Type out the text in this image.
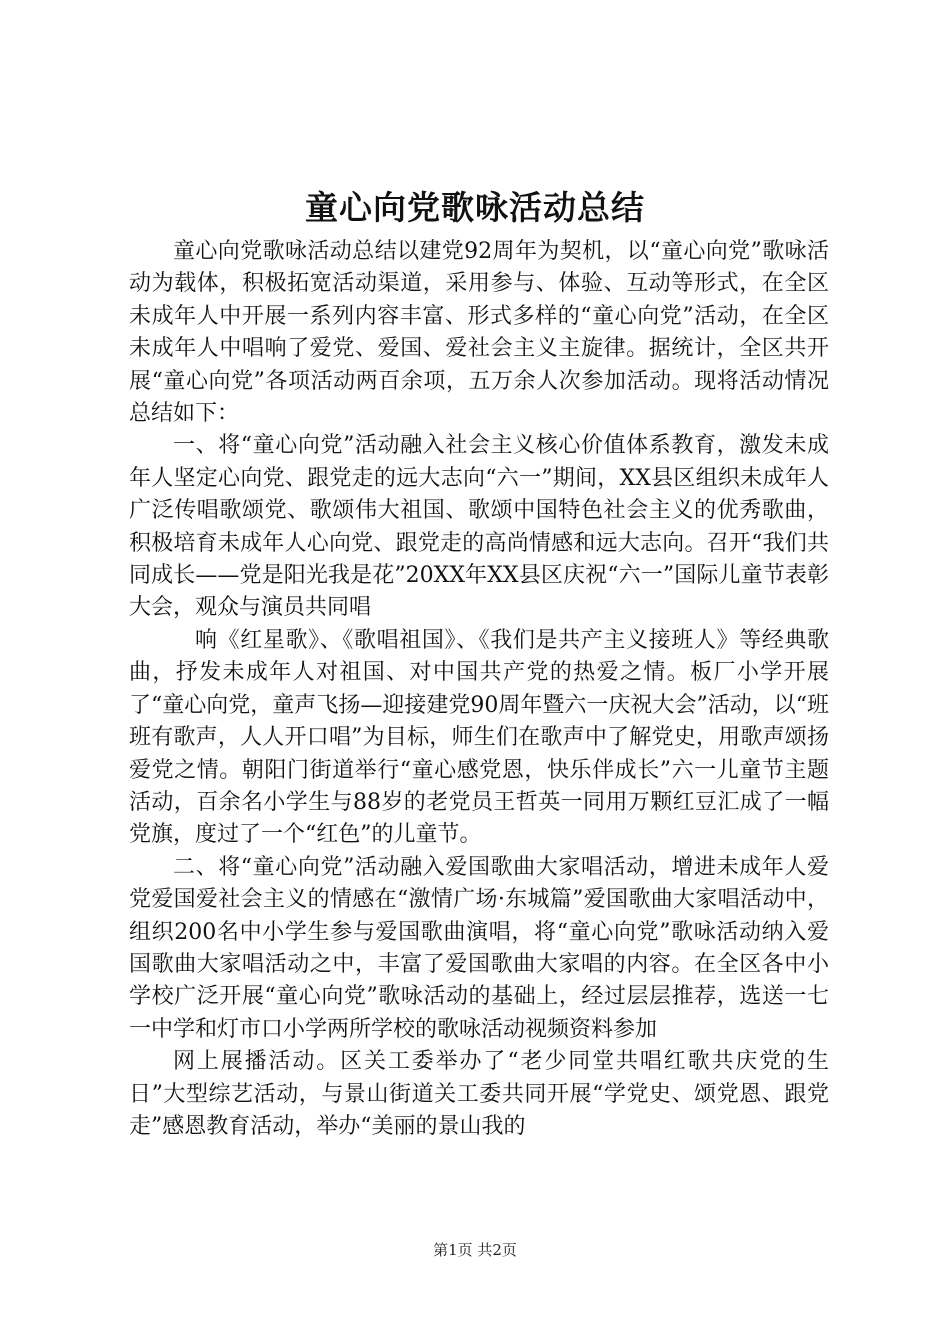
童心向党歌咏活动总结

童心向党歌咏活动总结以建党92周年为契机，以“童心向党”歌咏活动为载体，积极拓宽活动渠道，采用参与、体验、互动等形式，在全区未成年人中开展一系列内容丰富、形式多样的“童心向党”活动，在全区未成年人中唱响了爱党、爱国、爱社会主义主旋律。据统计，全区共开展“童心向党”各项活动两百余项，五万余人次参加活动。现将活动情况总结如下：

一、将“童心向党”活动融入社会主义核心价值体系教育，激发未成年人坚定心向党、跟党走的远大志向“六一”期间，XX县区组织未成年人广泛传唱歌颂党、歌颂伟大祖国、歌颂中国特色社会主义的优秀歌曲，积极培育未成年人心向党、跟党走的高尚情感和远大志向。召开“我们共同成长——党是阳光我是花”20XX年XX县区庆祝“六一”国际儿童节表彰大会，观众与演员共同唱

响《红星歌》、《歌唱祖国》、《我们是共产主义接班人》等经典歌曲，抒发未成年人对祖国、对中国共产党的热爱之情。板厂小学开展了“童心向党，童声飞扬—迎接建党90周年暨六一庆祝大会”活动，以“班班有歌声，人人开口唱”为目标，师生们在歌声中了解党史，用歌声颂扬爱党之情。朝阳门街道举行“童心感党恩，快乐伴成长”六一儿童节主题活动，百余名小学生与88岁的老党员王哲英一同用万颗红豆汇成了一幅党旗，度过了一个“红色”的儿童节。

二、将“童心向党”活动融入爱国歌曲大家唱活动，增进未成年人爱党爱国爱社会主义的情感在“激情广场·东城篇”爱国歌曲大家唱活动中，组织200名中小学生参与爱国歌曲演唱，将“童心向党”歌咏活动纳入爱国歌曲大家唱活动之中，丰富了爱国歌曲大家唱的内容。在全区各中小学校广泛开展“童心向党”歌咏活动的基础上，经过层层推荐，选送一七一中学和灯市口小学两所学校的歌咏活动视频资料参加

网上展播活动。区关工委举办了“老少同堂共唱红歌共庆党的生日”大型综艺活动，与景山街道关工委共同开展“学党史、颂党恩、跟党走”感恩教育活动，举办“美丽的景山我的

第1页 共2页
